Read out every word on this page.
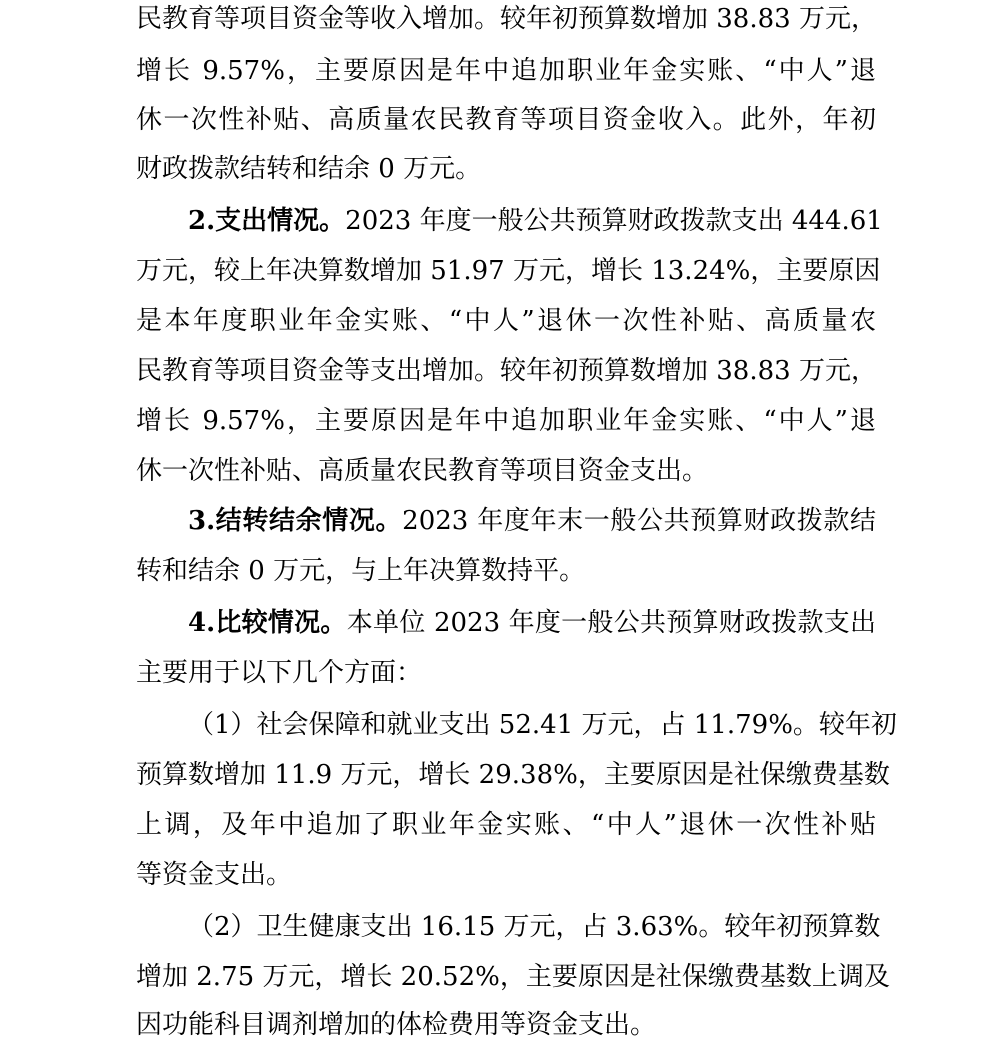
民教育等项目资金等收入增加。较年初预算数增加 38.83 万元，
增长 9.57%，主要原因是年中追加职业年金实账、“中人”退
休一次性补贴、高质量农民教育等项目资金收入。此外，年初
财政拨款结转和结余 0 万元。
2.支出情况。2023 年度一般公共预算财政拨款支出 444.61
万元，较上年决算数增加 51.97 万元，增长 13.24%，主要原因
是本年度职业年金实账、“中人”退休一次性补贴、高质量农
民教育等项目资金等支出增加。较年初预算数增加 38.83 万元，
增长 9.57%，主要原因是年中追加职业年金实账、“中人”退
休一次性补贴、高质量农民教育等项目资金支出。
3.结转结余情况。2023 年度年末一般公共预算财政拨款结
转和结余 0 万元，与上年决算数持平。
4.比较情况。本单位 2023 年度一般公共预算财政拨款支出
主要用于以下几个方面：
（1）社会保障和就业支出 52.41 万元，占 11.79%。较年初
预算数增加 11.9 万元，增长 29.38%，主要原因是社保缴费基数
上调，及年中追加了职业年金实账、“中人”退休一次性补贴
等资金支出。
（2）卫生健康支出 16.15 万元，占 3.63%。较年初预算数
增加 2.75 万元，增长 20.52%，主要原因是社保缴费基数上调及
因功能科目调剂增加的体检费用等资金支出。
